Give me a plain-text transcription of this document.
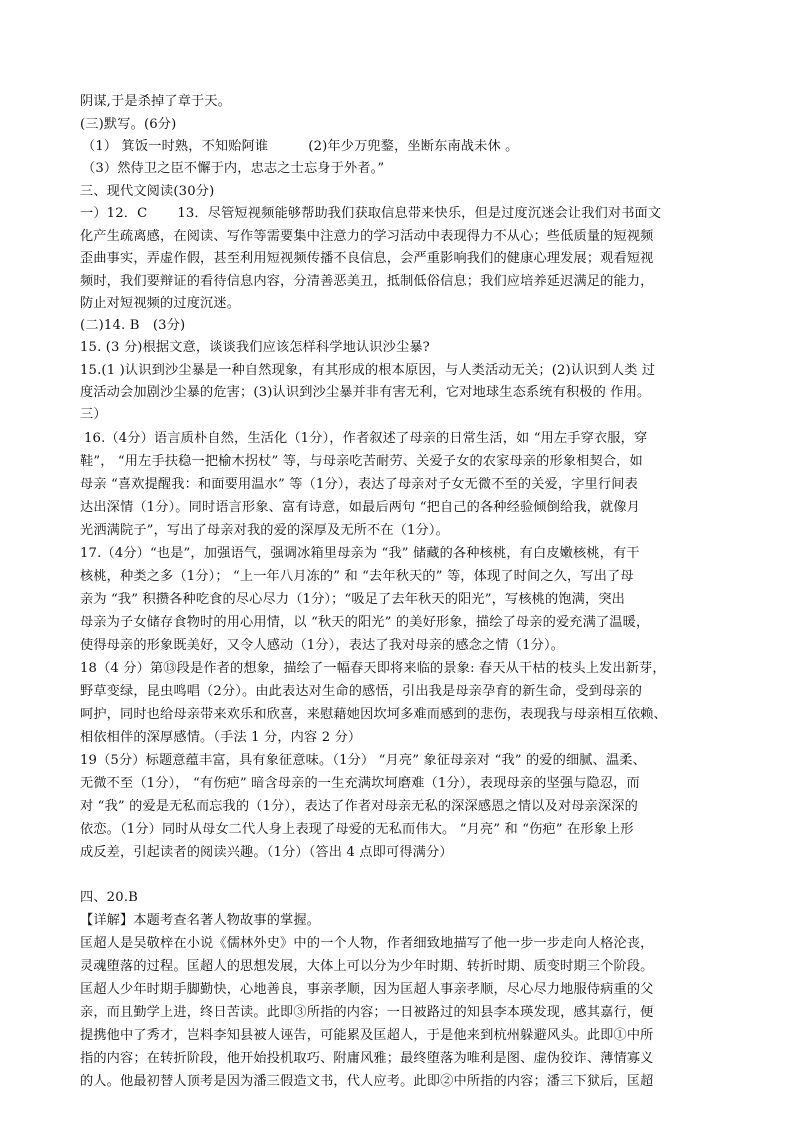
阴谋,于是杀掉了章于天。
(三)默写。(6分)
（1） 箕饭一时熟，不知贻阿谁	(2)年少万兜鍪，坐断东南战未休 。
（3）然侍卫之臣不懈于内，忠志之士忘身于外者。”
三、现代文阅读(30分)
一）12．C 13．尽管短视频能够帮助我们获取信息带来快乐，但是过度沉迷会让我们对书面文
化产生疏离感，在阅读、写作等需要集中注意力的学习活动中表现得力不从心；些低质量的短视频
歪曲事实，弄虚作假，甚至利用短视频传播不良信息，会严重影响我们的健康心理发展；观看短视
频时，我们要辩证的看待信息内容，分清善恶美丑，抵制低俗信息；我们应培养延迟满足的能力，
防止对短视频的过度沉迷。
(二)14. B　(3分)
15. (3 分)根据文意，谈谈我们应该怎样科学地认识沙尘暴?
15.(1 )认识到沙尘暴是一种自然现象，有其形成的根本原因，与人类活动无关；(2)认识到人类 过
度活动会加剧沙尘暴的危害；(3)认识到沙尘暴并非有害无利，它对地球生态系统有积极的 作用。
三）
16.（4分）语言质朴自然，生活化（1分），作者叙述了母亲的日常生活，如 “用左手穿衣服，穿
鞋”， “用左手扶稳一把榆木拐杖” 等，与母亲吃苦耐劳、关爱子女的农家母亲的形象相契合，如
母亲 “喜欢提醒我：和面要用温水” 等（1分），表达了母亲对子女无微不至的关爱，字里行间表
达出深情（1分）。同时语言形象、富有诗意，如最后两句 “把自己的各种经验倾倒给我，就像月
光洒满院子”，写出了母亲对我的爱的深厚及无所不在（1分）。
17.（4分）“也是”，加强语气，强调冰箱里母亲为 “我” 储藏的各种核桃，有白皮嫩核桃，有干
核桃，种类之多（1分）； “上一年八月冻的” 和 “去年秋天的” 等，体现了时间之久，写出了母
亲为 “我” 积攒各种吃食的尽心尽力（1分）；“吸足了去年秋天的阳光”，写核桃的饱满，突出
母亲为子女储存食物时的用心用情，以 “秋天的阳光” 的美好形象，描绘了母亲的爱充满了温暖，
使得母亲的形象既美好，又令人感动（1分），表达了我对母亲的感念之情（1分）。
18（4 分）第⑬段是作者的想象，描绘了一幅春天即将来临的景象: 春天从干枯的枝头上发出新芽，
野草变绿，昆虫鸣唱（2分）。由此表达对生命的感悟，引出我是母亲孕育的新生命，受到母亲的
呵护，同时也给母亲带来欢乐和欣喜，来慰藉她因坎坷多难而感到的悲伤，表现我与母亲相互依赖、
相依相伴的深厚感情。（手法 1 分，内容 2 分）
19（5分）标题意蕴丰富，具有象征意味。（1分） “月亮” 象征母亲对 “我” 的爱的细腻、温柔、
无微不至（1分）， “有伤疤” 暗含母亲的一生充满坎坷磨难（1分），表现母亲的坚强与隐忍，而
对 “我” 的爱是无私而忘我的（1分），表达了作者对母亲无私的深深感恩之情以及对母亲深深的
依恋。（1分）同时从母女二代人身上表现了母爱的无私而伟大。 “月亮” 和 “伤疤” 在形象上形
成反差，引起读者的阅读兴趣。（1分）（答出 4 点即可得满分）
四、20.B
【详解】本题考查名著人物故事的掌握。
匡超人是吴敬梓在小说《儒林外史》中的一个人物，作者细致地描写了他一步一步走向人格沦丧，
灵魂堕落的过程。匡超人的思想发展，大体上可以分为少年时期、转折时期、质变时期三个阶段。
匡超人少年时期手脚勤快，心地善良，事亲孝顺，因为匡超人事亲孝顺，尽心尽力地服侍病重的父
亲，而且勤学上进，终日苦读。此即③所指的内容；一日被路过的知县李本瑛发现，感其嘉行，便
提携他中了秀才，岂料李知县被人诬告，可能累及匡超人，于是他来到杭州躲避风头。此即①中所
指的内容；在转折阶段，他开始投机取巧、附庸风雅；最终堕落为唯利是图、虚伪狡诈、薄情寡义
的人。他最初替人顶考是因为潘三假造文书，代人应考。此即②中所指的内容；潘三下狱后，匡超
